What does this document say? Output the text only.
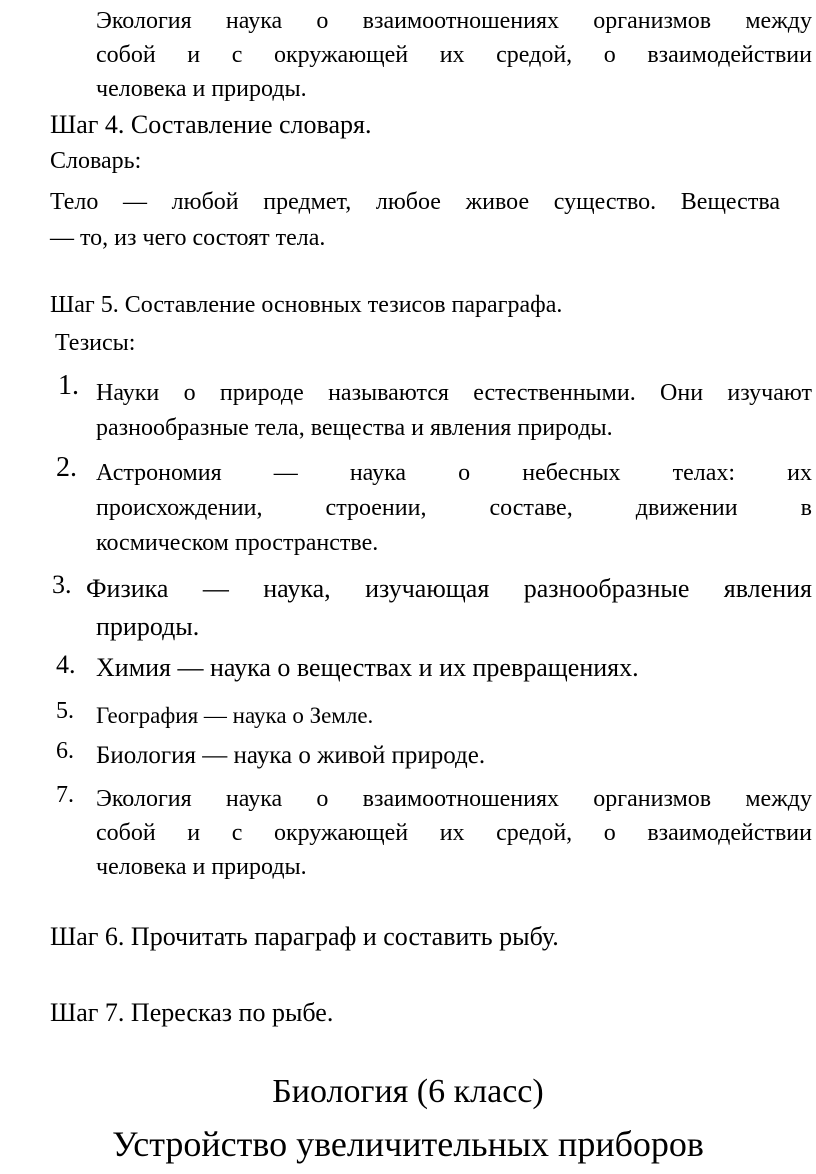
Экология наука о взаимоотношениях организмов между
собой и с окружающей их средой, о взаимодействии
человека и природы.
Шаг 4. Составление словаря.
Словарь:
Тело — любой предмет, любое живое существо. Вещества
— то, из чего состоят тела.
Шаг 5. Составление основных тезисов параграфа.
Тезисы:
1. Науки о природе называются естественными. Они изучают
разнообразные тела, вещества и явления природы.
2. Астрономия — наука о небесных телах: их
происхождении, строении, составе, движении в
космическом пространстве.
3. Физика — наука, изучающая разнообразные явления
природы.
4. Химия — наука о веществах и их превращениях.
5. География — наука о Земле.
6. Биология — наука о живой природе.
7. Экология наука о взаимоотношениях организмов между
собой и с окружающей их средой, о взаимодействии
человека и природы.
Шаг 6. Прочитать параграф и составить рыбу.
Шаг 7. Пересказ по рыбе.
Биология (6 класс)
Устройство увеличительных приборов
